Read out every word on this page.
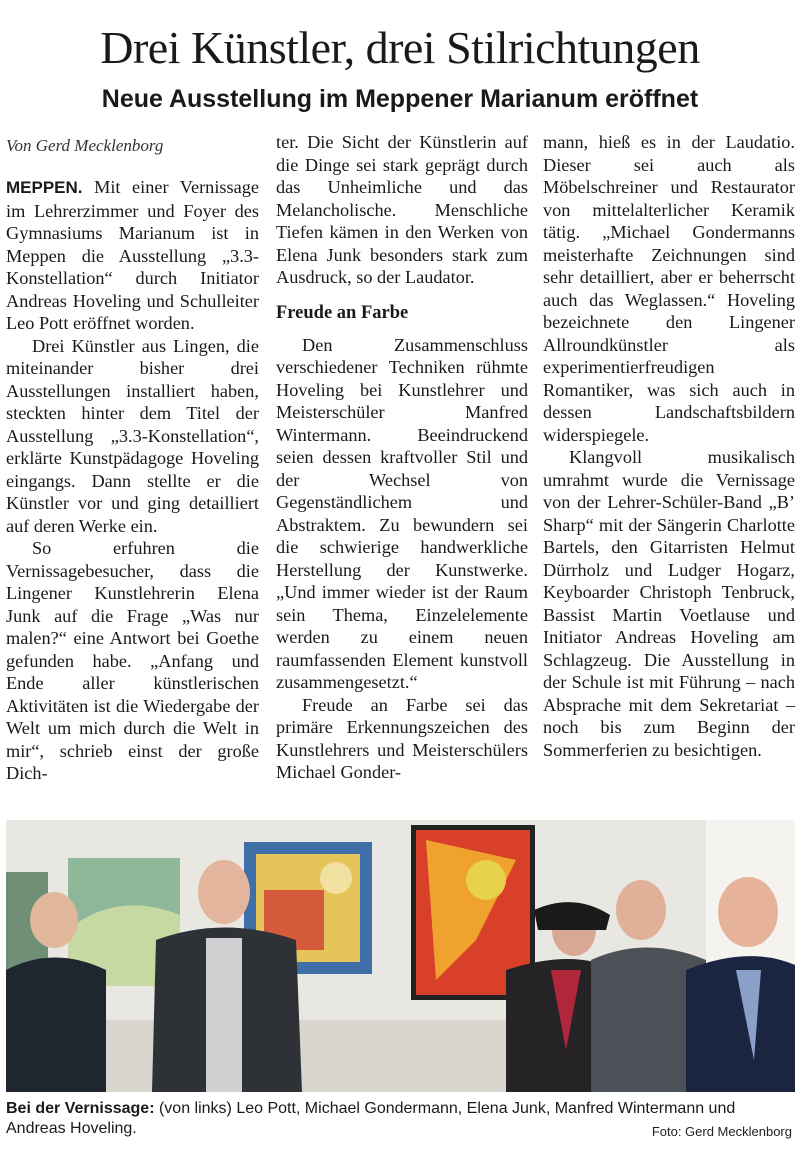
Drei Künstler, drei Stilrichtungen
Neue Ausstellung im Meppener Marianum eröffnet
Von Gerd Mecklenborg

MEPPEN. Mit einer Vernissage im Lehrerzimmer und Foyer des Gymnasiums Marianum ist in Meppen die Ausstellung „3.3-Konstellation“ durch Initiator Andreas Hoveling und Schulleiter Leo Pott eröffnet worden.

Drei Künstler aus Lingen, die miteinander bisher drei Ausstellungen installiert haben, steckten hinter dem Titel der Ausstellung „3.3-Konstellation“, erklärte Kunstpädagoge Hoveling eingangs. Dann stellte er die Künstler vor und ging detailliert auf deren Werke ein.

So erfuhren die Vernissagebesucher, dass die Lingener Kunstlehrerin Elena Junk auf die Frage „Was nur malen?“ eine Antwort bei Goethe gefunden habe. „Anfang und Ende aller künstlerischen Aktivitäten ist die Wiedergabe der Welt um mich durch die Welt in mir“, schrieb einst der große Dich-

ter. Die Sicht der Künstlerin auf die Dinge sei stark geprägt durch das Unheimliche und das Melancholische. Menschliche Tiefen kämen in den Werken von Elena Junk besonders stark zum Ausdruck, so der Laudator.

Freude an Farbe

Den Zusammenschluss verschiedener Techniken rühmte Hoveling bei Kunstlehrer und Meisterschüler Manfred Wintermann. Beeindruckend seien dessen kraftvoller Stil und der Wechsel von Gegenständlichem und Abstraktem. Zu bewundern sei die schwierige handwerkliche Herstellung der Kunstwerke. „Und immer wieder ist der Raum sein Thema, Einzelelemente werden zu einem neuen raumfassenden Element kunstvoll zusammengesetzt.“

Freude an Farbe sei das primäre Erkennungszeichen des Kunstlehrers und Meisterschülers Michael Gonder-

mann, hieß es in der Laudatio. Dieser sei auch als Möbelschreiner und Restaurator von mittelalterlicher Keramik tätig. „Michael Gondermanns meisterhafte Zeichnungen sind sehr detailliert, aber er beherrscht auch das Weglassen.“ Hoveling bezeichnete den Lingener Allroundkünstler als experimentierfreudigen Romantiker, was sich auch in dessen Landschaftsbildern widerspiegele.

Klangvoll musikalisch umrahmt wurde die Vernissage von der Lehrer-Schüler-Band „B’ Sharp“ mit der Sängerin Charlotte Bartels, den Gitarristen Helmut Dürrholz und Ludger Hogarz, Keyboarder Christoph Tenbruck, Bassist Martin Voetlause und Initiator Andreas Hoveling am Schlagzeug. Die Ausstellung in der Schule ist mit Führung – nach Absprache mit dem Sekretariat – noch bis zum Beginn der Sommerferien zu besichtigen.

Bei der Vernissage: (von links) Leo Pott, Michael Gondermann, Elena Junk, Manfred Wintermann und Andreas Hoveling.	Foto: Gerd Mecklenborg
